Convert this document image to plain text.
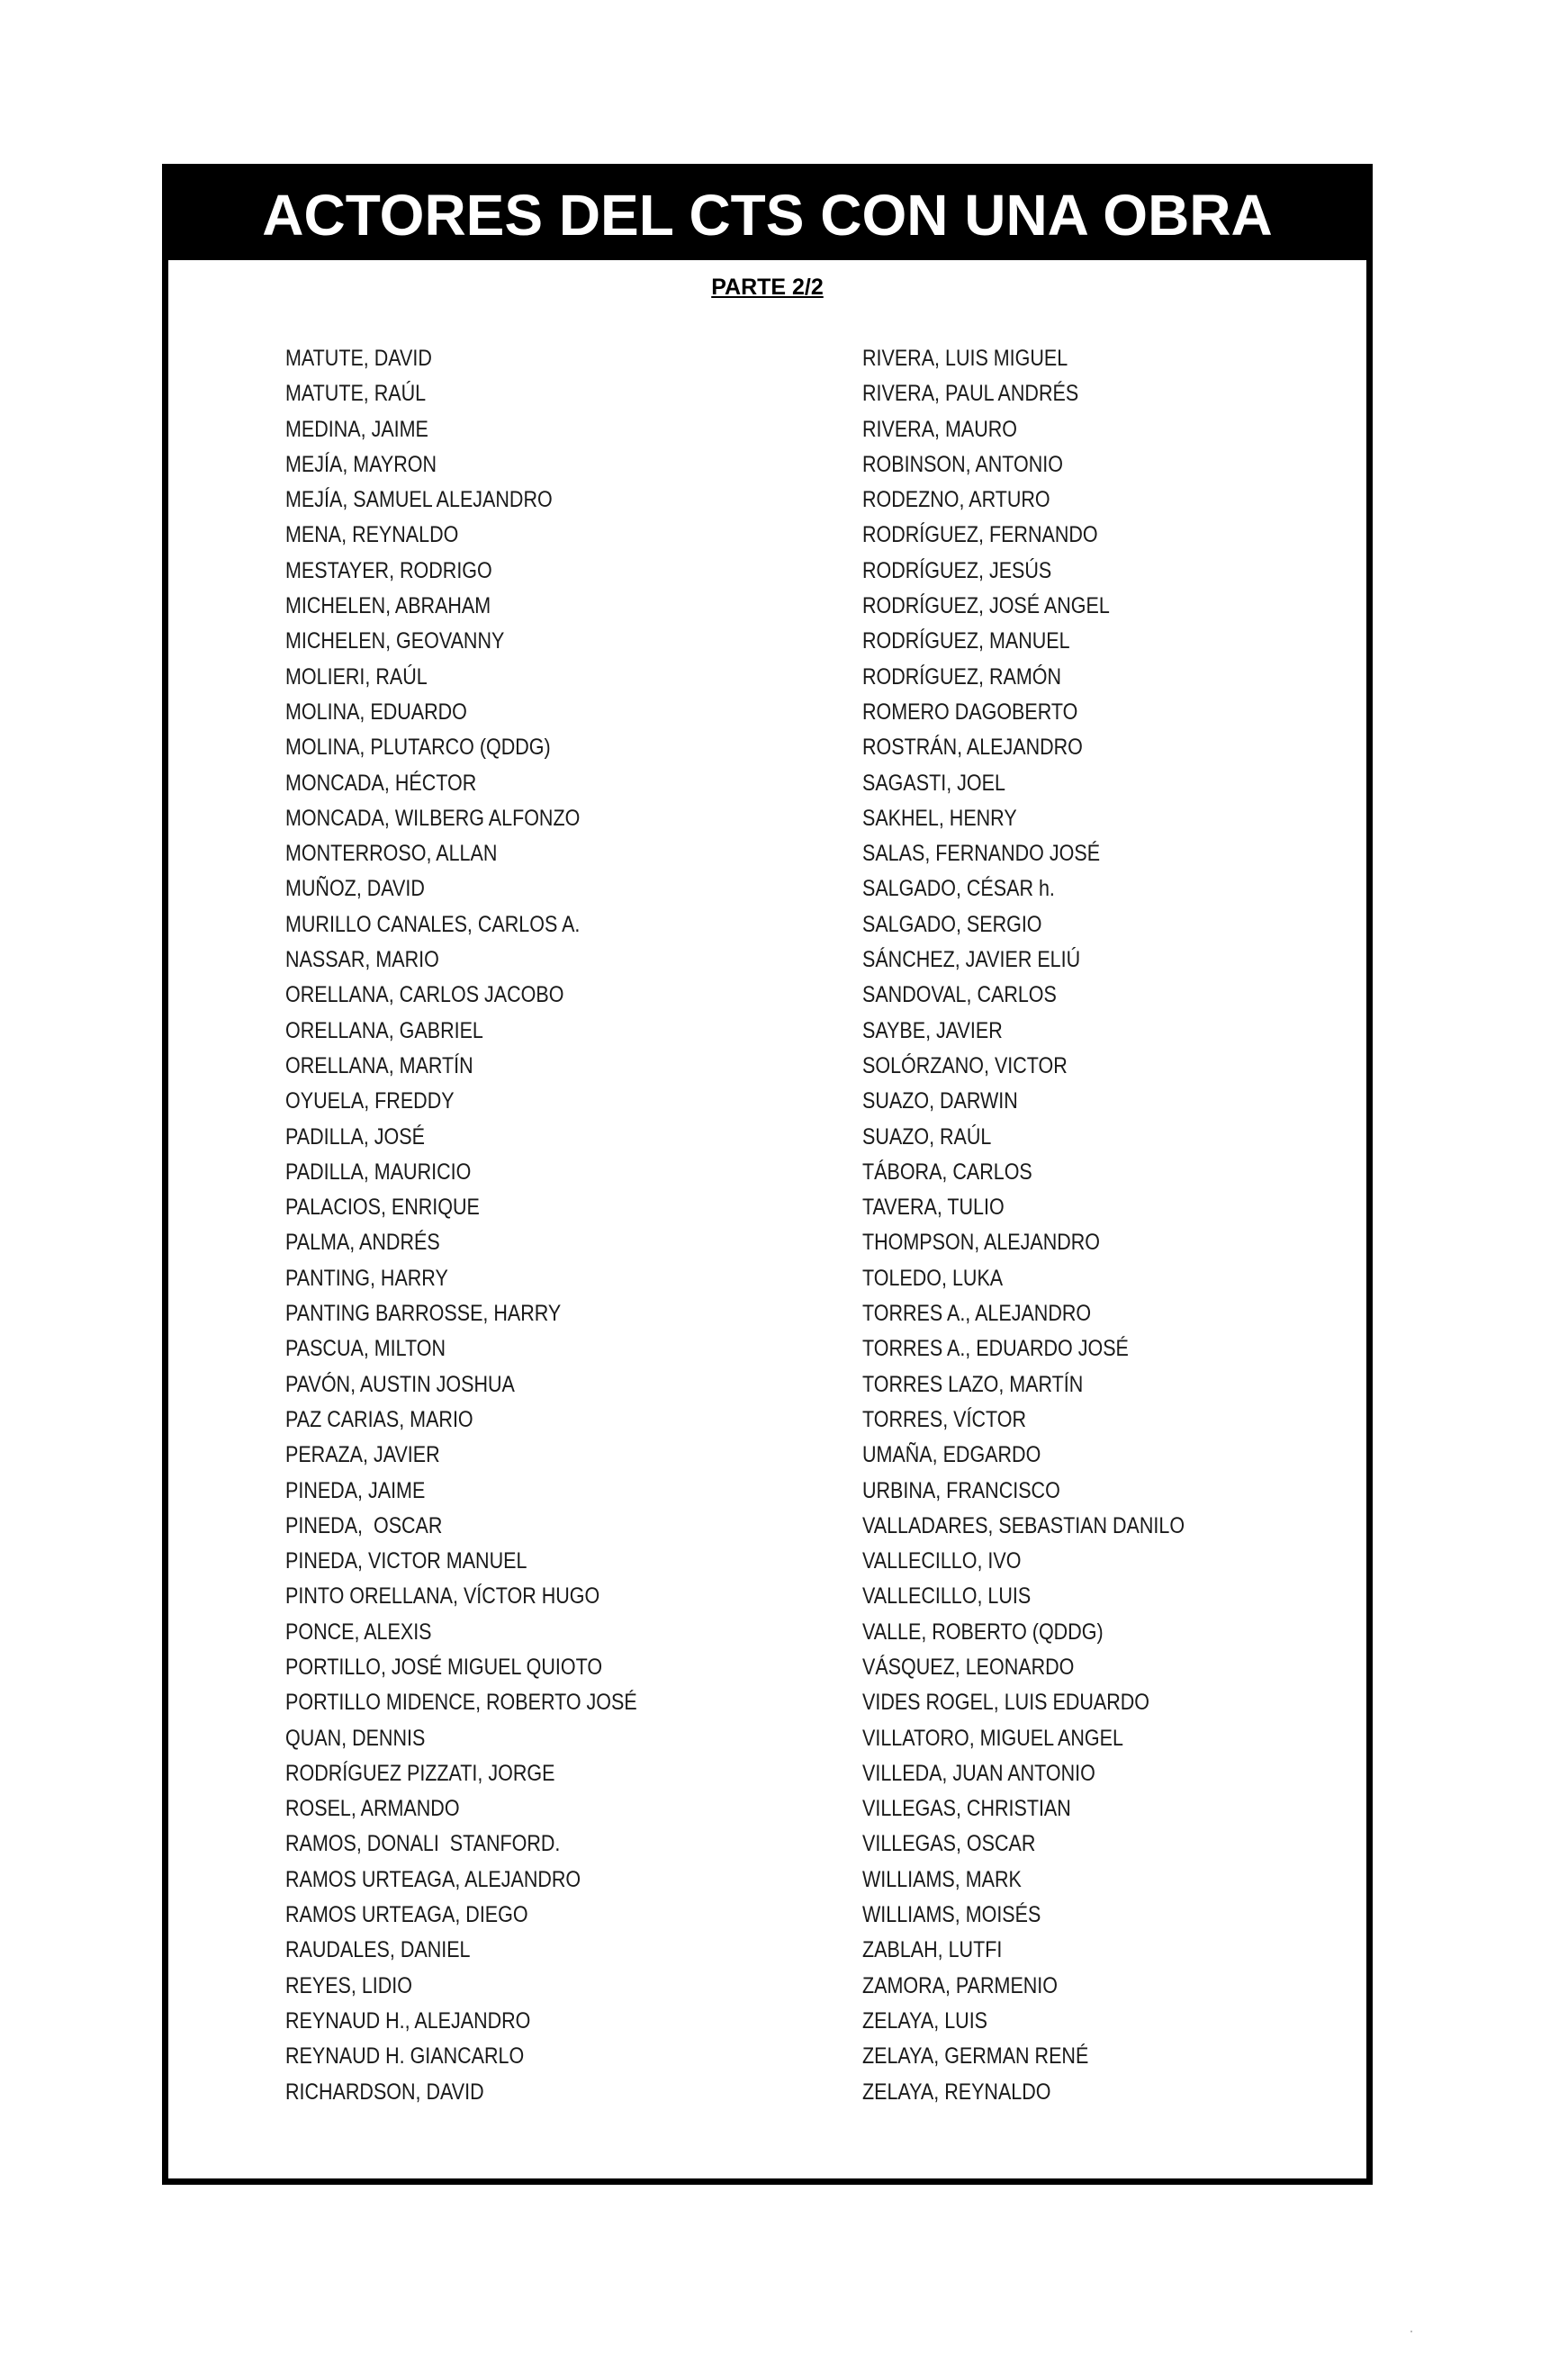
ACTORES DEL CTS CON UNA OBRA
PARTE 2/2
MATUTE, DAVID
MATUTE, RAÚL
MEDINA, JAIME
MEJÍA, MAYRON
MEJÍA, SAMUEL ALEJANDRO
MENA, REYNALDO
MESTAYER, RODRIGO
MICHELEN, ABRAHAM
MICHELEN, GEOVANNY
MOLIERI, RAÚL
MOLINA, EDUARDO
MOLINA, PLUTARCO (QDDG)
MONCADA, HÉCTOR
MONCADA, WILBERG ALFONZO
MONTERROSO, ALLAN
MUÑOZ, DAVID
MURILLO CANALES, CARLOS A.
NASSAR, MARIO
ORELLANA, CARLOS JACOBO
ORELLANA, GABRIEL
ORELLANA, MARTÍN
OYUELA, FREDDY
PADILLA, JOSÉ
PADILLA, MAURICIO
PALACIOS, ENRIQUE
PALMA, ANDRÉS
PANTING, HARRY
PANTING BARROSSE, HARRY
PASCUA, MILTON
PAVÓN, AUSTIN JOSHUA
PAZ CARIAS, MARIO
PERAZA, JAVIER
PINEDA, JAIME
PINEDA,  OSCAR
PINEDA, VICTOR MANUEL
PINTO ORELLANA, VÍCTOR HUGO
PONCE, ALEXIS
PORTILLO, JOSÉ MIGUEL QUIOTO
PORTILLO MIDENCE, ROBERTO JOSÉ
QUAN, DENNIS
RODRÍGUEZ PIZZATI, JORGE
ROSEL, ARMANDO
RAMOS, DONALI  STANFORD.
RAMOS URTEAGA, ALEJANDRO
RAMOS URTEAGA, DIEGO
RAUDALES, DANIEL
REYES, LIDIO
REYNAUD H., ALEJANDRO
REYNAUD H. GIANCARLO
RICHARDSON, DAVID
RIVERA, LUIS MIGUEL
RIVERA, PAUL ANDRÉS
RIVERA, MAURO
ROBINSON, ANTONIO
RODEZNO, ARTURO
RODRÍGUEZ, FERNANDO
RODRÍGUEZ, JESÚS
RODRÍGUEZ, JOSÉ ANGEL
RODRÍGUEZ, MANUEL
RODRÍGUEZ, RAMÓN
ROMERO DAGOBERTO
ROSTRÁN, ALEJANDRO
SAGASTI, JOEL
SAKHEL, HENRY
SALAS, FERNANDO JOSÉ
SALGADO, CÉSAR h.
SALGADO, SERGIO
SÁNCHEZ, JAVIER ELIÚ
SANDOVAL, CARLOS
SAYBE, JAVIER
SOLÓRZANO, VICTOR
SUAZO, DARWIN
SUAZO, RAÚL
TÁBORA, CARLOS
TAVERA, TULIO
THOMPSON, ALEJANDRO
TOLEDO, LUKA
TORRES A., ALEJANDRO
TORRES A., EDUARDO JOSÉ
TORRES LAZO, MARTÍN
TORRES, VÍCTOR
UMAÑA, EDGARDO
URBINA, FRANCISCO
VALLADARES, SEBASTIAN DANILO
VALLECILLO, IVO
VALLECILLO, LUIS
VALLE, ROBERTO (QDDG)
VÁSQUEZ, LEONARDO
VIDES ROGEL, LUIS EDUARDO
VILLATORO, MIGUEL ANGEL
VILLEDA, JUAN ANTONIO
VILLEGAS, CHRISTIAN
VILLEGAS, OSCAR
WILLIAMS, MARK
WILLIAMS, MOISÉS
ZABLAH, LUTFI
ZAMORA, PARMENIO
ZELAYA, LUIS
ZELAYA, GERMAN RENÉ
ZELAYA, REYNALDO
